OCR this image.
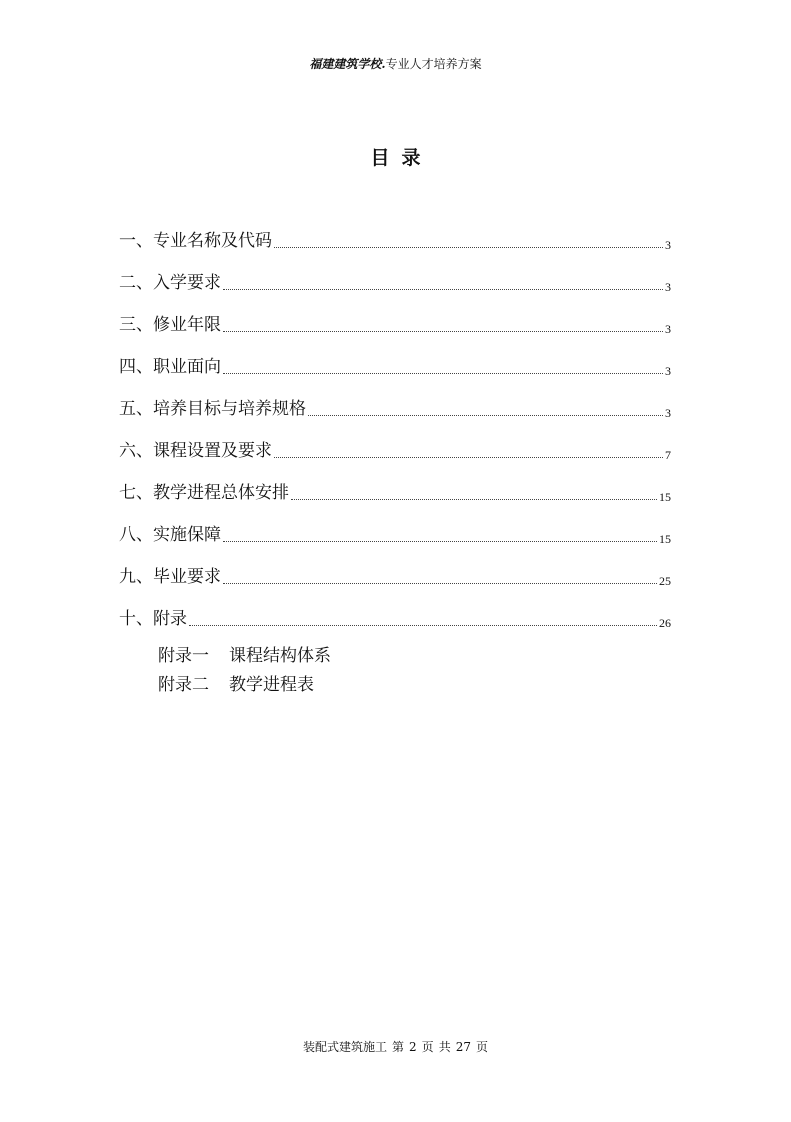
福建建筑学校.专业人才培养方案
目录
一、专业名称及代码	3
二、入学要求	3
三、修业年限	3
四、职业面向	3
五、培养目标与培养规格	3
六、课程设置及要求	7
七、教学进程总体安排	15
八、实施保障	15
九、毕业要求	25
十、附录	26
附录一 课程结构体系
附录二 教学进程表
装配式建筑施工 第 2 页 共 27 页
